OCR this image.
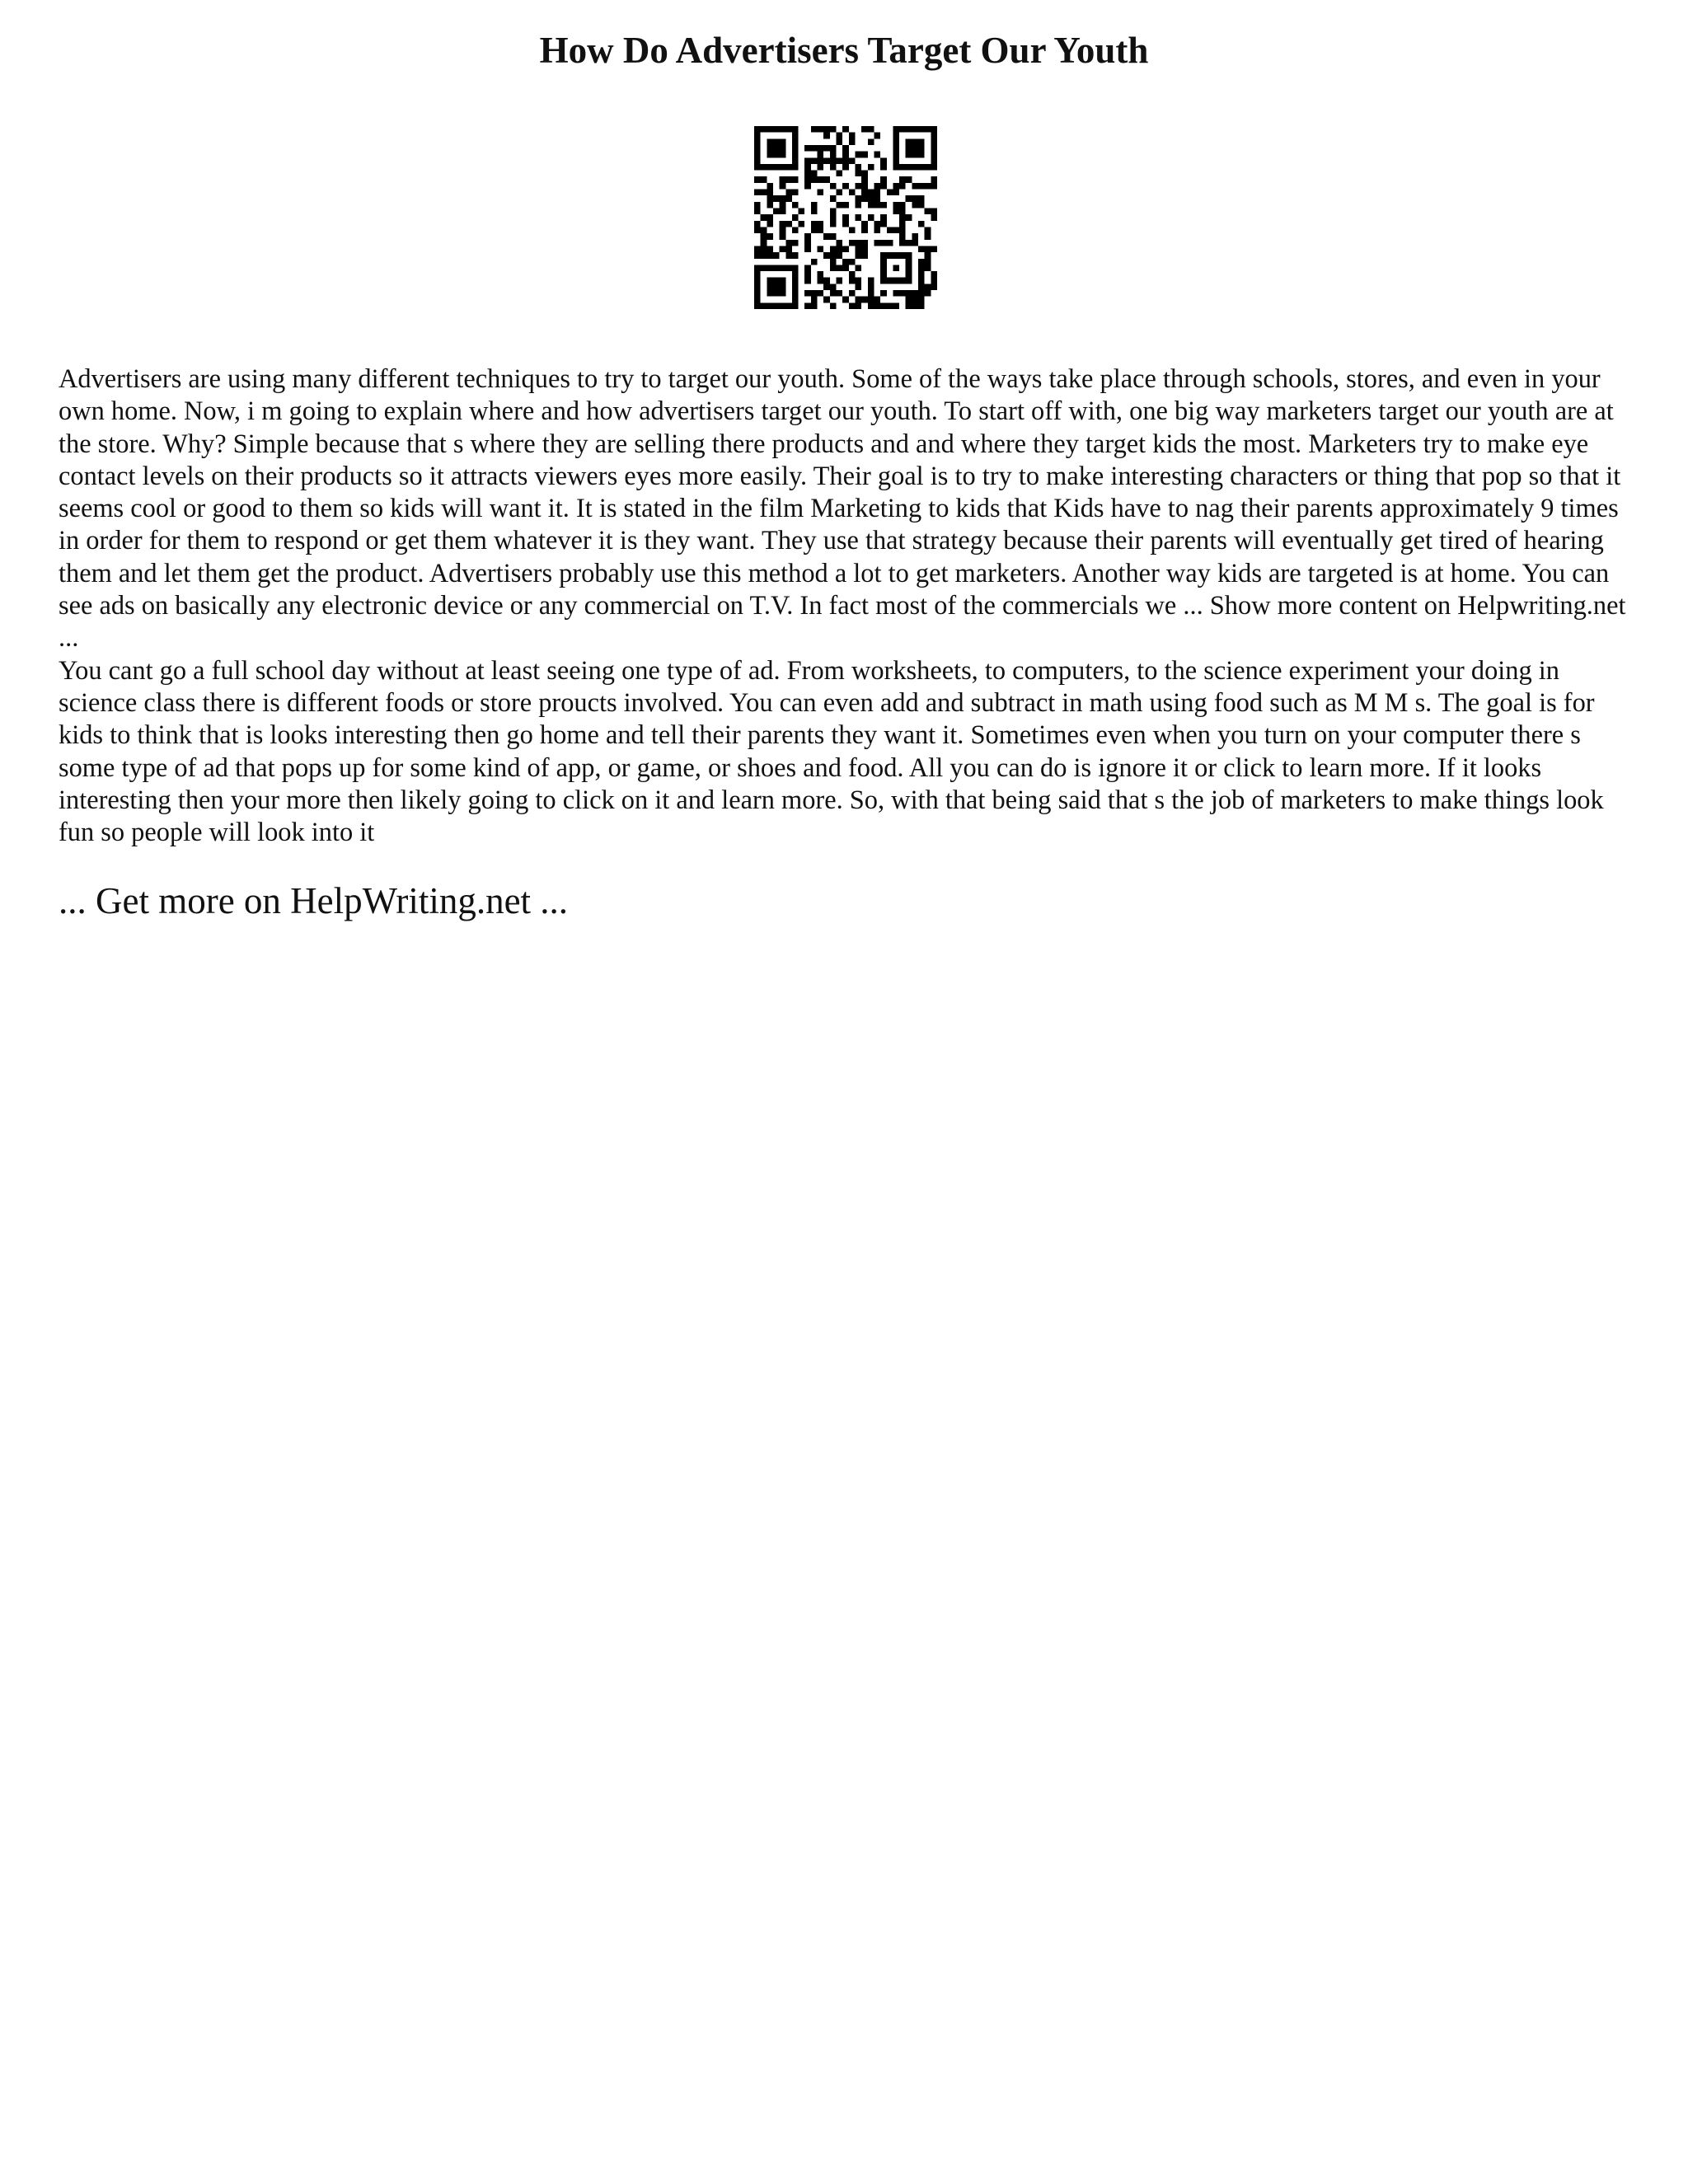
How Do Advertisers Target Our Youth

Advertisers are using many different techniques to try to target our youth. Some of the ways take place through schools, stores, and even in your own home. Now, i m going to explain where and how advertisers target our youth. To start off with, one big way marketers target our youth are at the store. Why? Simple because that s where they are selling there products and and where they target kids the most. Marketers try to make eye contact levels on their products so it attracts viewers eyes more easily. Their goal is to try to make interesting characters or thing that pop so that it seems cool or good to them so kids will want it. It is stated in the film Marketing to kids that Kids have to nag their parents approximately 9 times in order for them to respond or get them whatever it is they want. They use that strategy because their parents will eventually get tired of hearing them and let them get the product. Advertisers probably use this method a lot to get marketers. Another way kids are targeted is at home. You can see ads on basically any electronic device or any commercial on T.V. In fact most of the commercials we ... Show more content on Helpwriting.net ...

You cant go a full school day without at least seeing one type of ad. From worksheets, to computers, to the science experiment your doing in science class there is different foods or store proucts involved. You can even add and subtract in math using food such as M M s. The goal is for kids to think that is looks interesting then go home and tell their parents they want it. Sometimes even when you turn on your computer there s some type of ad that pops up for some kind of app, or game, or shoes and food. All you can do is ignore it or click to learn more. If it looks interesting then your more then likely going to click on it and learn more. So, with that being said that s the job of marketers to make things look fun so people will look into it

... Get more on HelpWriting.net ...
